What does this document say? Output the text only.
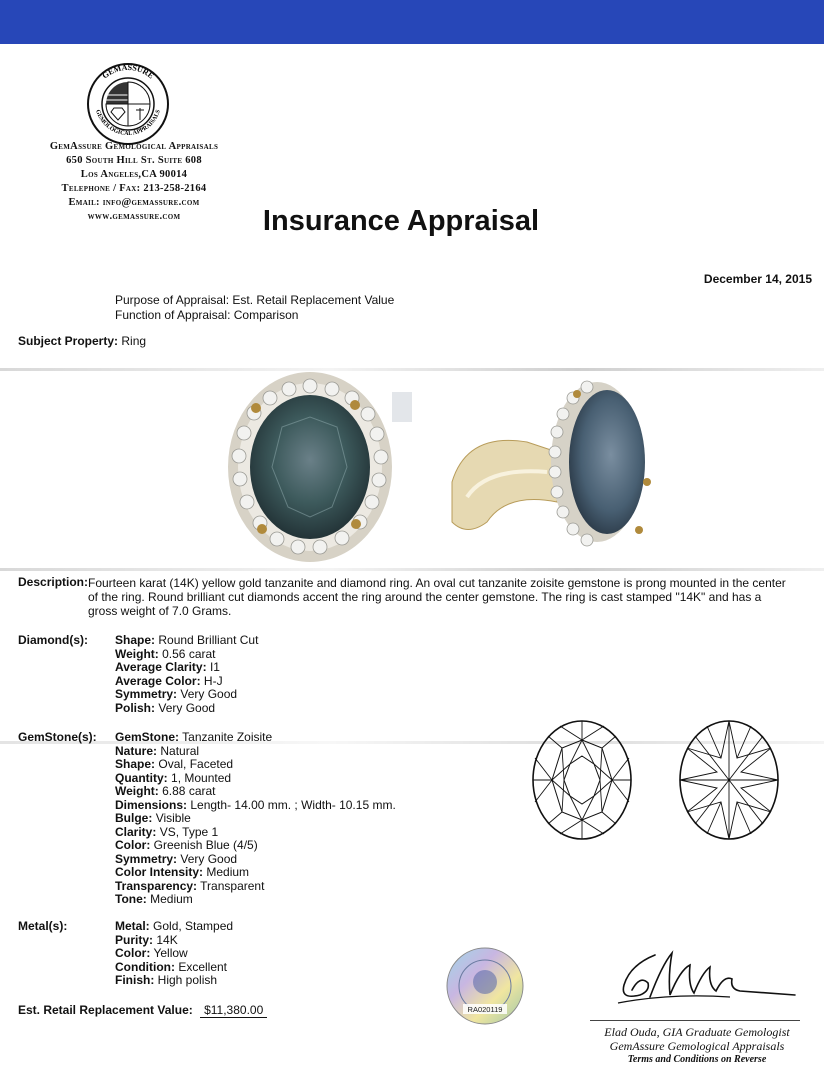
GEMASSURE
GEMOLOGICAL APPRAISALS
GemAssure Gemological Appraisals
650 South Hill St. Suite 608
Los Angeles,CA 90014
Telephone / Fax: 213-258-2164
Email: info@gemassure.com
www.gemassure.com	Insurance Appraisal
December 14, 2015
Purpose of Appraisal: Est. Retail Replacement Value
Function of Appraisal: Comparison
Subject Property: Ring
Description: Fourteen karat (14K) yellow gold tanzanite and diamond ring. An oval cut tanzanite zoisite gemstone is prong mounted in the center of the ring. Round brilliant cut diamonds accent the ring around the center gemstone. The ring is cast stamped "14K" and has a gross weight of 7.0 Grams.
Diamond(s): Shape: Round Brilliant Cut
Weight: 0.56 carat
Average Clarity: I1
Average Color: H-J
Symmetry: Very Good
Polish: Very Good
GemStone(s): GemStone: Tanzanite Zoisite
Nature: Natural
Shape: Oval, Faceted
Quantity: 1, Mounted
Weight: 6.88 carat
Dimensions: Length- 14.00 mm. ; Width- 10.15 mm.
Bulge: Visible
Clarity: VS, Type 1
Color: Greenish Blue (4/5)
Symmetry: Very Good
Color Intensity: Medium
Transparency: Transparent
Tone: Medium
Metal(s):	Metal: Gold, Stamped
Purity: 14K
Color: Yellow
Condition: Excellent
Finish: High polish
RA020119
Elad Ouda, GIA Graduate Gemologist
GemAssure Gemological Appraisals
Terms and Conditions on Reverse
Est. Retail Replacement Value: $11,380.00
